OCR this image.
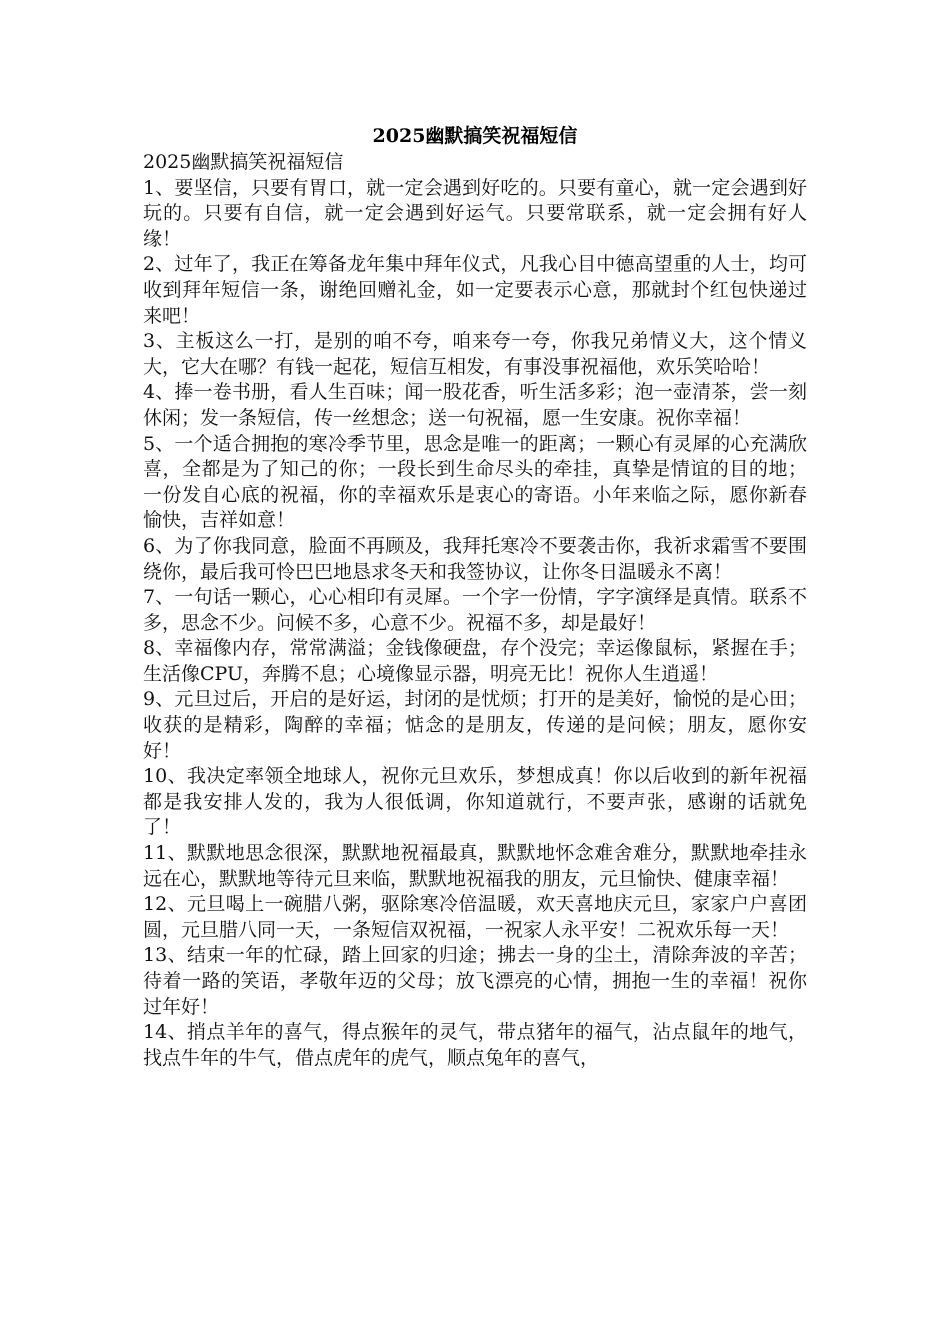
2025幽默搞笑祝福短信

2025幽默搞笑祝福短信

1、要坚信，只要有胃口，就一定会遇到好吃的。只要有童心，就一定会遇到好玩的。只要有自信，就一定会遇到好运气。只要常联系，就一定会拥有好人缘！

2、过年了，我正在筹备龙年集中拜年仪式，凡我心目中德高望重的人士，均可收到拜年短信一条，谢绝回赠礼金，如一定要表示心意，那就封个红包快递过来吧！

3、主板这么一打，是别的咱不夸，咱来夸一夸，你我兄弟情义大，这个情义大，它大在哪？有钱一起花，短信互相发，有事没事祝福他，欢乐笑哈哈！

4、捧一卷书册，看人生百味；闻一股花香，听生活多彩；泡一壶清茶，尝一刻休闲；发一条短信，传一丝想念；送一句祝福，愿一生安康。祝你幸福！

5、一个适合拥抱的寒冷季节里，思念是唯一的距离；一颗心有灵犀的心充满欣喜，全都是为了知己的你；一段长到生命尽头的牵挂，真挚是情谊的目的地；一份发自心底的祝福，你的幸福欢乐是衷心的寄语。小年来临之际，愿你新春愉快，吉祥如意！

6、为了你我同意，脸面不再顾及，我拜托寒冷不要袭击你，我祈求霜雪不要围绕你，最后我可怜巴巴地恳求冬天和我签协议，让你冬日温暖永不离！

7、一句话一颗心，心心相印有灵犀。一个字一份情，字字演绎是真情。联系不多，思念不少。问候不多，心意不少。祝福不多，却是最好！

8、幸福像内存，常常满溢；金钱像硬盘，存个没完；幸运像鼠标，紧握在手；生活像CPU，奔腾不息；心境像显示器，明亮无比！祝你人生逍遥！

9、元旦过后，开启的是好运，封闭的是忧烦；打开的是美好，愉悦的是心田；收获的是精彩，陶醉的幸福；惦念的是朋友，传递的是问候；朋友，愿你安好！

10、我决定率领全地球人，祝你元旦欢乐，梦想成真！你以后收到的新年祝福都是我安排人发的，我为人很低调，你知道就行，不要声张，感谢的话就免了！

11、默默地思念很深，默默地祝福最真，默默地怀念难舍难分，默默地牵挂永远在心，默默地等待元旦来临，默默地祝福我的朋友，元旦愉快、健康幸福！

12、元旦喝上一碗腊八粥，驱除寒冷倍温暖，欢天喜地庆元旦，家家户户喜团圆，元旦腊八同一天，一条短信双祝福，一祝家人永平安！二祝欢乐每一天！

13、结束一年的忙碌，踏上回家的归途；拂去一身的尘土，清除奔波的辛苦；待着一路的笑语，孝敬年迈的父母；放飞漂亮的心情，拥抱一生的幸福！祝你过年好！

14、捎点羊年的喜气，得点猴年的灵气，带点猪年的福气，沾点鼠年的地气，找点牛年的牛气，借点虎年的虎气，顺点兔年的喜气，
